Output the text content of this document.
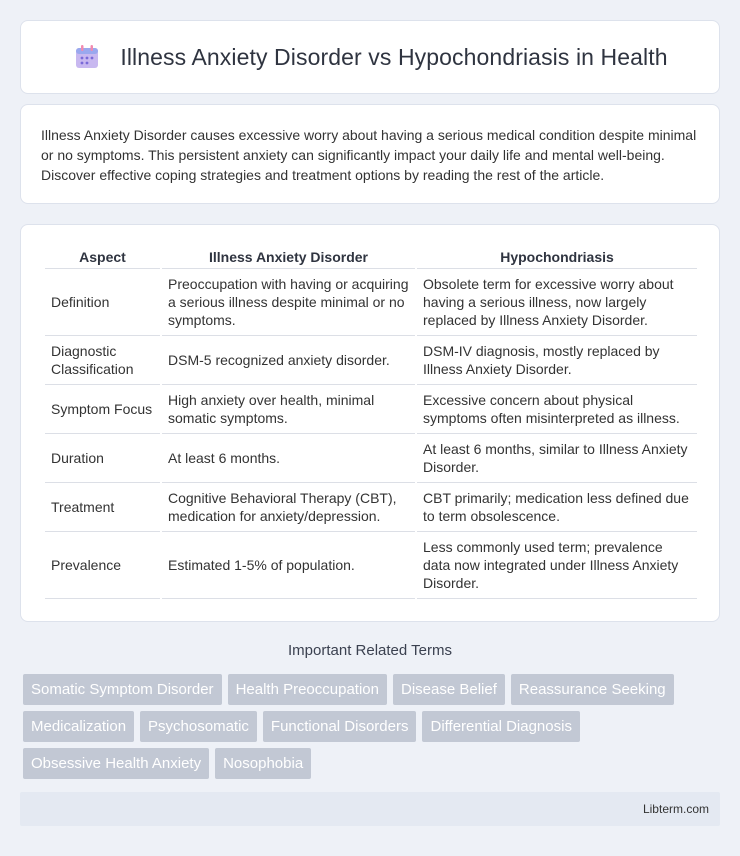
Illness Anxiety Disorder vs Hypochondriasis in Health

Illness Anxiety Disorder causes excessive worry about having a serious medical condition despite minimal or no symptoms. This persistent anxiety can significantly impact your daily life and mental well-being. Discover effective coping strategies and treatment options by reading the rest of the article.

Aspect	Illness Anxiety Disorder	Hypochondriasis
Definition	Preoccupation with having or acquiring a serious illness despite minimal or no symptoms.	Obsolete term for excessive worry about having a serious illness, now largely replaced by Illness Anxiety Disorder.
Diagnostic Classification	DSM-5 recognized anxiety disorder.	DSM-IV diagnosis, mostly replaced by Illness Anxiety Disorder.
Symptom Focus	High anxiety over health, minimal somatic symptoms.	Excessive concern about physical symptoms often misinterpreted as illness.
Duration	At least 6 months.	At least 6 months, similar to Illness Anxiety Disorder.
Treatment	Cognitive Behavioral Therapy (CBT), medication for anxiety/depression.	CBT primarily; medication less defined due to term obsolescence.
Prevalence	Estimated 1-5% of population.	Less commonly used term; prevalence data now integrated under Illness Anxiety Disorder.
Important Related Terms
Somatic Symptom Disorder	Health Preoccupation	Disease Belief	Reassurance Seeking
Medicalization	Psychosomatic	Functional Disorders	Differential Diagnosis
Obsessive Health Anxiety	Nosophobia
Libterm.com
